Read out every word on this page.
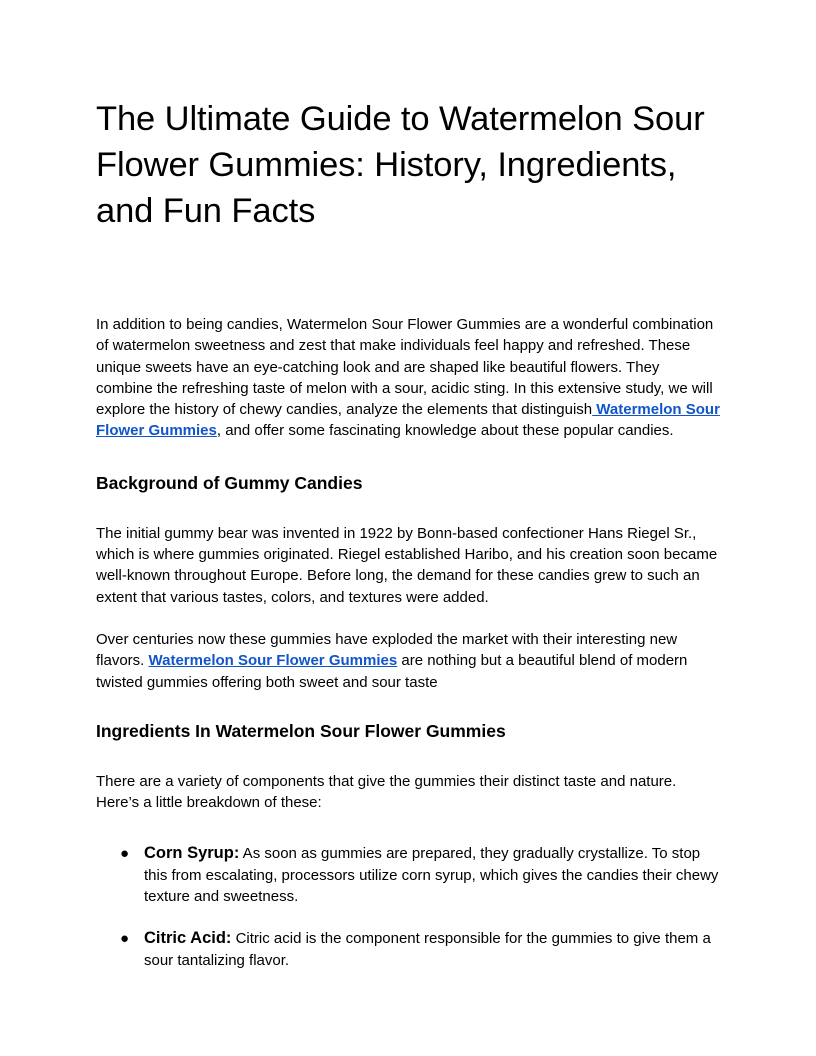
The Ultimate Guide to Watermelon Sour Flower Gummies: History, Ingredients, and Fun Facts

In addition to being candies, Watermelon Sour Flower Gummies are a wonderful combination of watermelon sweetness and zest that make individuals feel happy and refreshed. These unique sweets have an eye-catching look and are shaped like beautiful flowers. They combine the refreshing taste of melon with a sour, acidic sting. In this extensive study, we will explore the history of chewy candies, analyze the elements that distinguish Watermelon Sour Flower Gummies, and offer some fascinating knowledge about these popular candies.

Background of Gummy Candies

The initial gummy bear was invented in 1922 by Bonn-based confectioner Hans Riegel Sr., which is where gummies originated. Riegel established Haribo, and his creation soon became well-known throughout Europe. Before long, the demand for these candies grew to such an extent that various tastes, colors, and textures were added.

Over centuries now these gummies have exploded the market with their interesting new flavors. Watermelon Sour Flower Gummies are nothing but a beautiful blend of modern twisted gummies offering both sweet and sour taste

Ingredients In Watermelon Sour Flower Gummies

There are a variety of components that give the gummies their distinct taste and nature. Here’s a little breakdown of these:

● Corn Syrup: As soon as gummies are prepared, they gradually crystallize. To stop this from escalating, processors utilize corn syrup, which gives the candies their chewy texture and sweetness.
● Citric Acid: Citric acid is the component responsible for the gummies to give them a sour tantalizing flavor.
